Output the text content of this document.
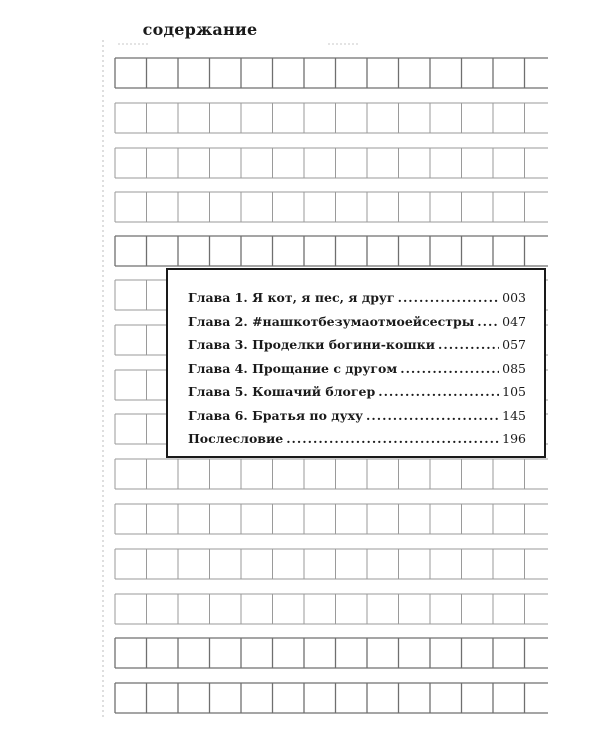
содержание
Глава 1. Я кот, я пес, я друг .....	003
Глава 2. #нашкотбезумаотмоейсестры ..... 047
Глава 3. Проделки богини-кошки .....	057
Глава 4. Прощание с другом .....	085
Глава 5. Кошачий блогер .....	105
Глава 6. Братья по духу .....	145
Послесловие .....	196
